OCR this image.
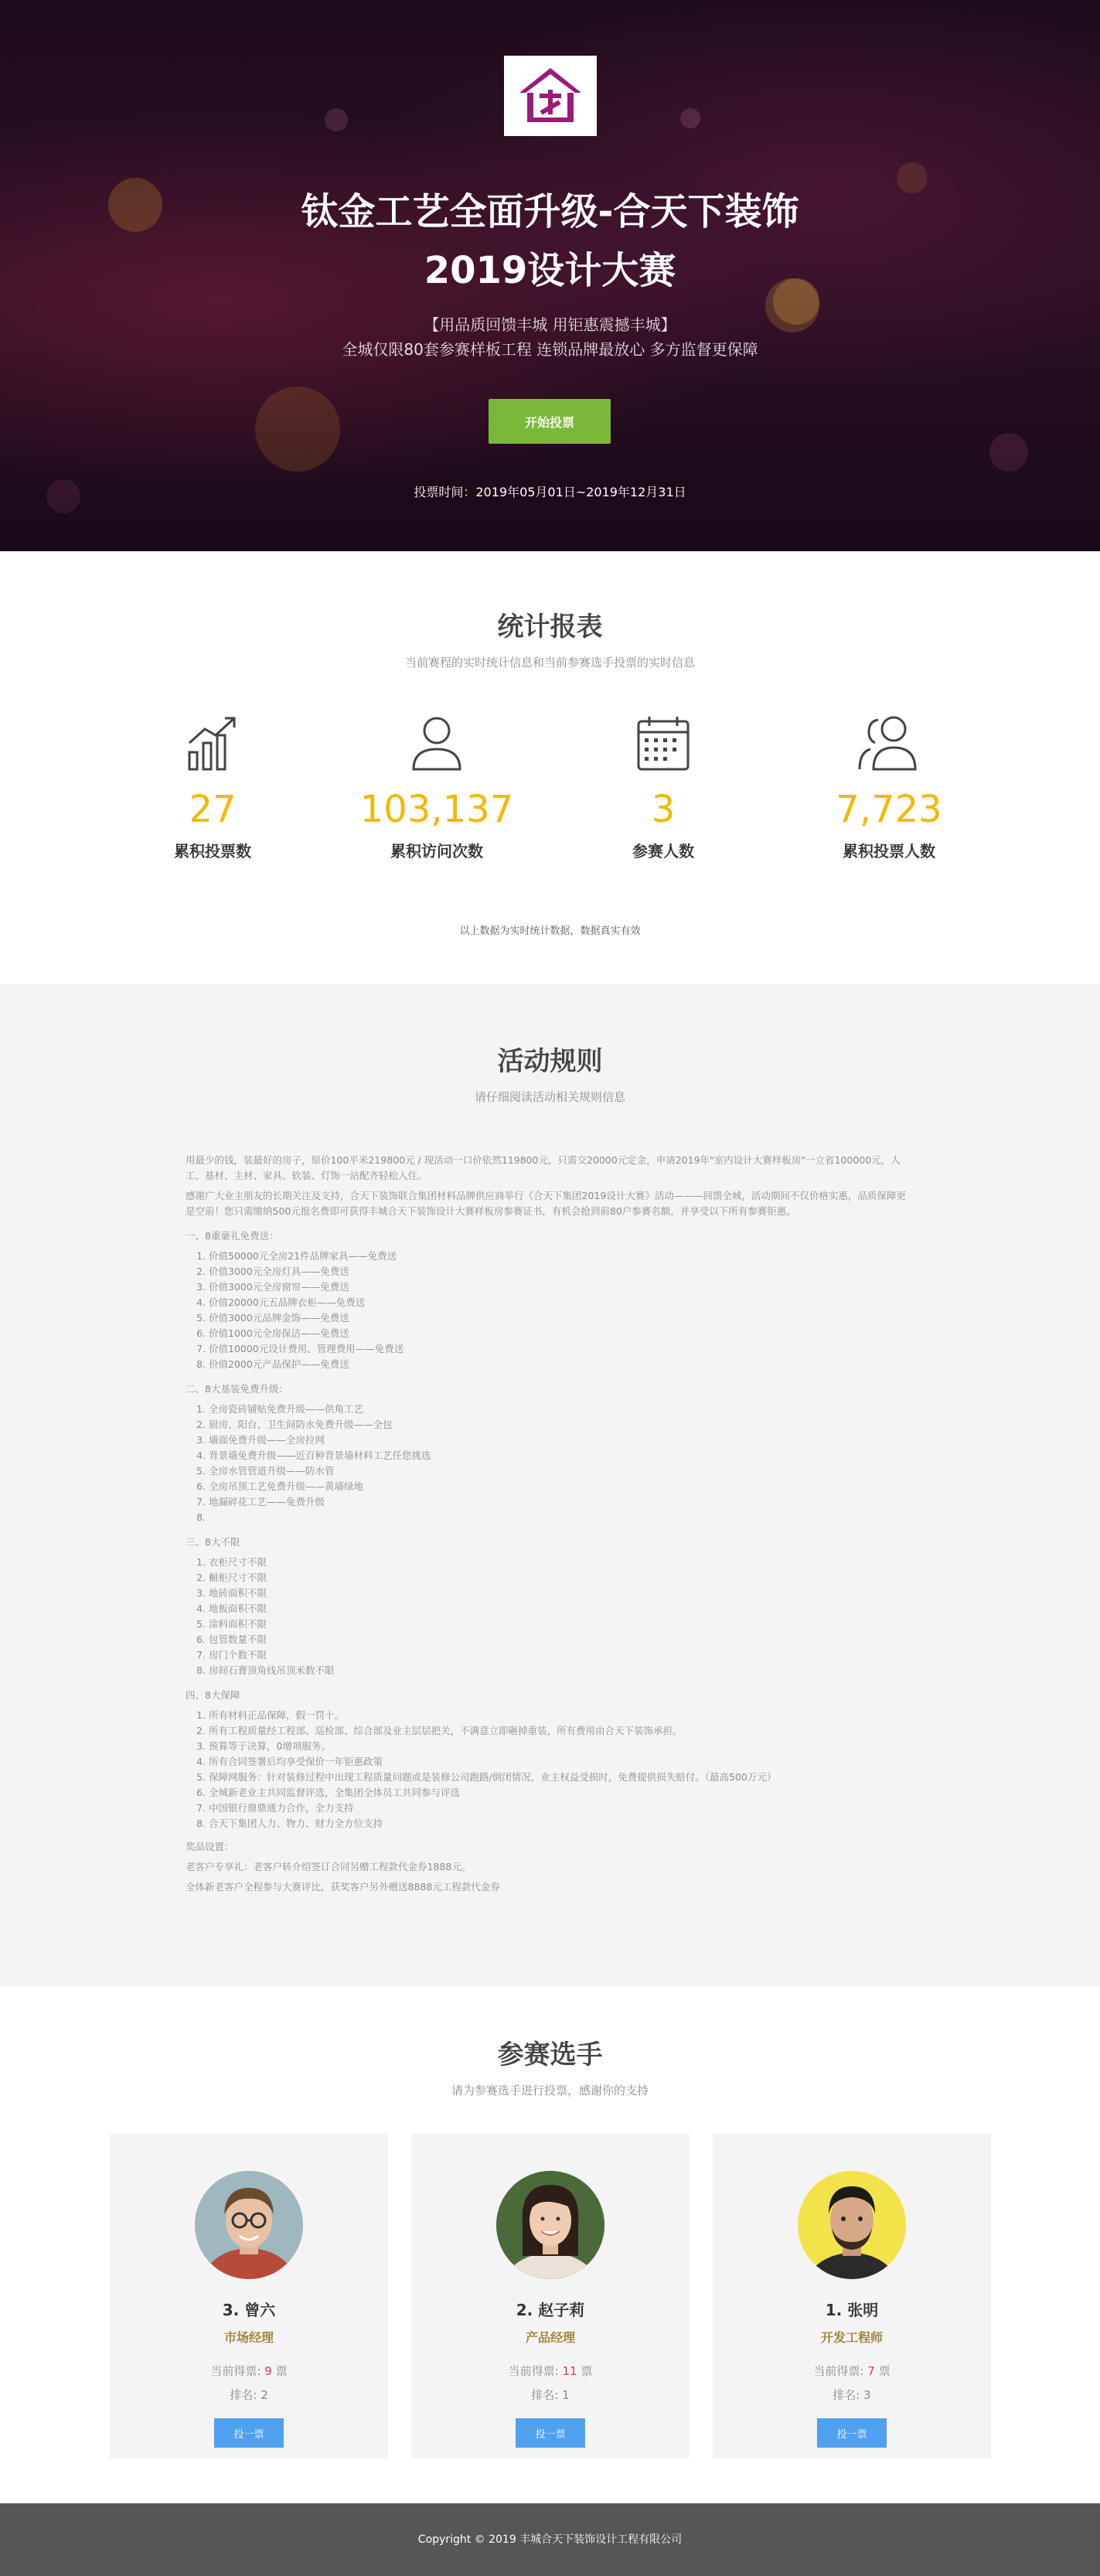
钛金工艺全面升级-合天下装饰
2019设计大赛
【用品质回馈丰城 用钜惠震撼丰城】
全城仅限80套参赛样板工程 连锁品牌最放心 多方监督更保障
开始投票
投票时间：2019年05月01日~2019年12月31日
统计报表
当前赛程的实时统计信息和当前参赛选手投票的实时信息
27
累积投票数
103,137
累积访问次数
3
参赛人数
7,723
累积投票人数
以上数据为实时统计数据，数据真实有效
活动规则
请仔细阅读活动相关规则信息

用最少的钱，装最好的房子，原价100平米219800元 / 现活动一口价依然119800元，只需交20000元定金，申请2019年"室内设计大赛样板房"一立省100000元，人工、基材、主材、家具、软装、灯饰一站配齐轻松入住。

感谢广大业主朋友的长期关注及支持，合天下装饰联合集团材料品牌供应商举行《合天下集团2019设计大赛》活动———回馈全城，活动期间不仅价格实惠，品质保障更是空前！您只需缴纳500元报名费即可获得丰城合天下装饰设计大赛样板房参赛证书，有机会抢到前80户参赛名额，并享受以下所有参赛钜惠。

一、8重豪礼免费送：
1. 价值50000元全房21件品牌家具——免费送
2. 价值3000元全房灯具——免费送
3. 价值3000元全房窗帘——免费送
4. 价值20000元五品牌衣柜——免费送
5. 价值3000元品牌金饰——免费送
6. 价值1000元全房保洁——免费送
7. 价值10000元设计费用、管理费用——免费送
8. 价值2000元产品保护——免费送
二、8大基装免费升级：
1. 全房瓷砖铺贴免费升级——供角工艺
2. 厨房、阳台、卫生间防水免费升级——全包
3. 墙面免费升级——全房拉网
4. 背景墙免费升级——近百种背景墙材料工艺任您挑选
5. 全房水管管道升级——防水管
6. 全房吊顶工艺免费升级——黄墙绿地
7. 地漏碎花工艺——免费升级
8.
三、8大不限
1. 衣柜尺寸不限
2. 橱柜尺寸不限
3. 地砖面积不限
4. 地板面积不限
5. 涂料面积不限
6. 包管数量不限
7. 房门个数不限
8. 房间石膏顶角线吊顶米数不限
四、8大保障
1. 所有材料正品保障，假一罚十。
2. 所有工程质量经工程部、巡检部、综合部及业主层层把关，不满意立即砸掉重装，所有费用由合天下装饰承担。
3. 预算等于决算，0增项服务。
4. 所有合同签署后均享受保价一年钜惠政策
5. 保障网服务：针对装修过程中出现工程质量问题或是装修公司跑路/倒闭情况，业主权益受损时，免费提供损失赔付。（最高500万元）
6. 全城新老业主共同监督评选，全集团全体员工共同参与评选
7. 中国银行鼎鼎通力合作，全力支持
8. 合天下集团人力、物力、财力全方位支持

奖品设置：

老客户专享礼：老客户转介绍签订合同另赠工程款代金券1888元。

全体新老客户全程参与大赛评比，获奖客户另外赠送8888元工程款代金券

参赛选手
请为参赛选手进行投票，感谢你的支持
3. 曾六
市场经理
当前得票: 9 票
排名: 2
投一票
2. 赵子莉
产品经理
当前得票: 11 票
排名: 1
投一票
1. 张明
开发工程师
当前得票: 7 票
排名: 3
投一票
Copyright © 2019 丰城合天下装饰设计工程有限公司
